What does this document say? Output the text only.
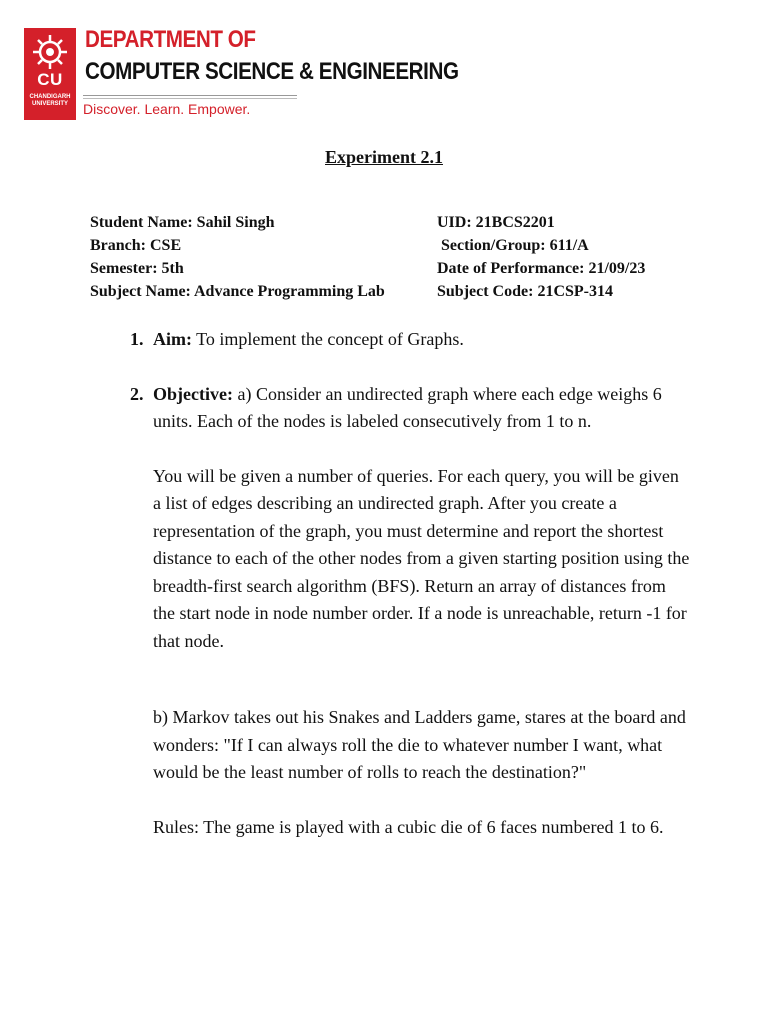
CU
CHANDIGARH UNIVERSITY
DEPARTMENT OF
COMPUTER SCIENCE & ENGINEERING
Discover. Learn. Empower.
Experiment 2.1
Student Name: Sahil Singh	UID: 21BCS2201
Branch: CSE	Section/Group: 611/A
Semester: 5th	Date of Performance: 21/09/23
Subject Name: Advance Programming Lab	Subject Code: 21CSP-314
1. Aim: To implement the concept of Graphs.

2. Objective: a) Consider an undirected graph where each edge weighs 6 units. Each of the nodes is labeled consecutively from 1 to n.

You will be given a number of queries. For each query, you will be given a list of edges describing an undirected graph. After you create a representation of the graph, you must determine and report the shortest distance to each of the other nodes from a given starting position using the breadth-first search algorithm (BFS). Return an array of distances from the start node in node number order. If a node is unreachable, return -1 for that node.

b) Markov takes out his Snakes and Ladders game, stares at the board and wonders: "If I can always roll the die to whatever number I want, what would be the least number of rolls to reach the destination?"

Rules: The game is played with a cubic die of 6 faces numbered 1 to 6.
